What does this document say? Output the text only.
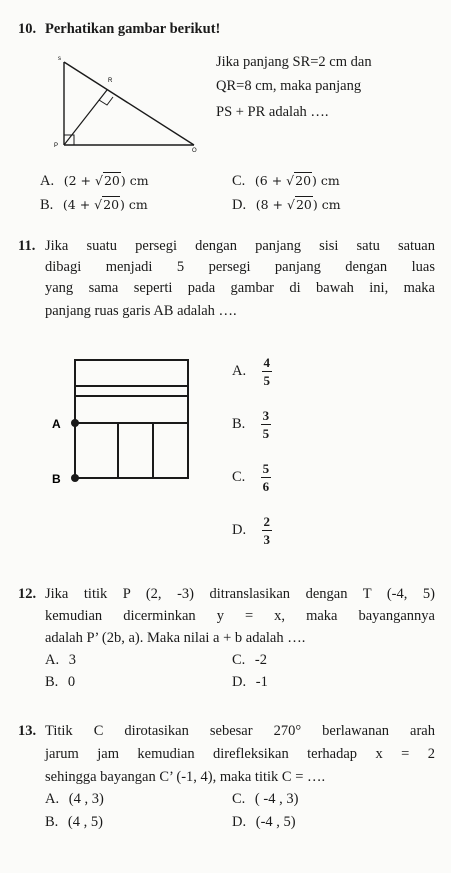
10. Perhatikan gambar berikut!
s
R
P
Q
Jika panjang SR=2 cm dan
QR=8 cm, maka panjang
PS + PR adalah ….
A. (2 + √20) cm
B. (4 + √20) cm
C. (6 + √20) cm
D. (8 + √20) cm
11. Jika suatu persegi dengan panjang sisi satu satuan
dibagi menjadi 5 persegi panjang dengan luas
yang sama seperti pada gambar di bawah ini, maka
panjang ruas garis AB adalah ….
A
B
A. $\frac{4}{5}$
B. $\frac{3}{5}$
C. $\frac{5}{6}$
D. $\frac{2}{3}$
12. Jika titik P (2, -3) ditranslasikan dengan T (-4, 5)
kemudian dicerminkan y = x, maka bayangannya
adalah P’ (2b, a). Maka nilai a + b adalah ….
A. 3
B. 0
C. -2
D. -1
13. Titik C dirotasikan sebesar 270° berlawanan arah
jarum jam kemudian direfleksikan terhadap x = 2
sehingga bayangan C’ (-1, 4), maka titik C = ….
A. (4 , 3)
B. (4 , 5)
C. ( -4 , 3)
D. (-4 , 5)
